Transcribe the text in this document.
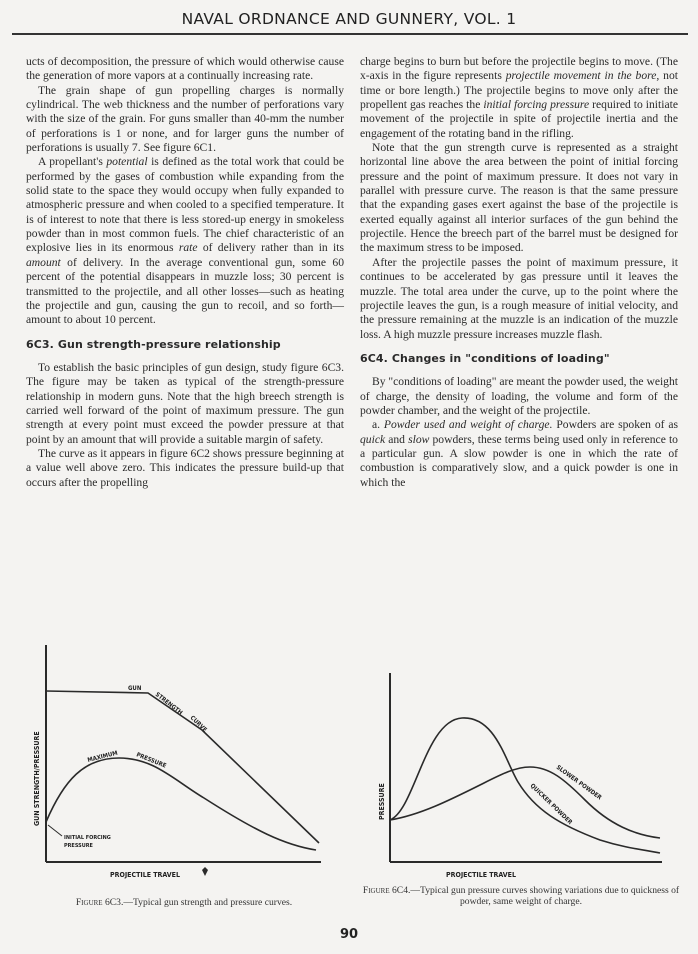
NAVAL ORDNANCE AND GUNNERY, VOL. 1

ucts of decomposition, the pressure of which would otherwise cause the generation of more vapors at a continually increasing rate.

The grain shape of gun propelling charges is normally cylindrical. The web thickness and the number of perforations vary with the size of the grain. For guns smaller than 40-mm the number of perforations is 1 or none, and for larger guns the number of perforations is usually 7. See figure 6C1.

A propellant's potential is defined as the total work that could be performed by the gases of combustion while expanding from the solid state to the space they would occupy when fully expanded to atmospheric pressure and when cooled to a specified temperature. It is of interest to note that there is less stored-up energy in smokeless powder than in most common fuels. The chief characteristic of an explosive lies in its enormous rate of delivery rather than in its amount of delivery. In the average conventional gun, some 60 percent of the potential disappears in muzzle loss; 30 percent is transmitted to the projectile, and all other losses—such as heating the projectile and gun, causing the gun to recoil, and so forth—amount to about 10 percent.

6C3. Gun strength-pressure relationship

To establish the basic principles of gun design, study figure 6C3. The figure may be taken as typical of the strength-pressure relationship in modern guns. Note that the high breech strength is carried well forward of the point of maximum pressure. The gun strength at every point must exceed the powder pressure at that point by an amount that will provide a suitable margin of safety.

The curve as it appears in figure 6C2 shows pressure beginning at a value well above zero. This indicates the pressure build-up that occurs after the propelling

charge begins to burn but before the projectile begins to move. (The x-axis in the figure represents projectile movement in the bore, not time or bore length.) The projectile begins to move only after the propellent gas reaches the initial forcing pressure required to initiate movement of the projectile in spite of projectile inertia and the engagement of the rotating band in the rifling.

Note that the gun strength curve is represented as a straight horizontal line above the area between the point of initial forcing pressure and the point of maximum pressure. It does not vary in parallel with pressure curve. The reason is that the same pressure that the expanding gases exert against the base of the projectile is exerted equally against all interior surfaces of the gun behind the projectile. Hence the breech part of the barrel must be designed for the maximum stress to be imposed.

After the projectile passes the point of maximum pressure, it continues to be accelerated by gas pressure until it leaves the muzzle. The total area under the curve, up to the point where the projectile leaves the gun, is a rough measure of initial velocity, and the pressure remaining at the muzzle is an indication of the muzzle loss. A high muzzle pressure increases muzzle flash.

6C4. Changes in "conditions of loading"

By "conditions of loading" are meant the powder used, the weight of charge, the density of loading, the volume and form of the powder chamber, and the weight of the projectile.

a. Powder used and weight of charge. Powders are spoken of as quick and slow powders, these terms being used only in reference to a particular gun. A slow powder is one in which the rate of combustion is comparatively slow, and a quick powder is one in which the

GUN STRENGTH/PRESSURE
GUN
STRENGTH
CURVE
MAXIMUM	PRESSURE
INITIAL FORCING
PRESSURE
PROJECTILE TRAVEL
Figure 6C3.—Typical gun strength and pressure curves.
PRESSURE
SLOWER POWDER
QUICKER POWDER
PROJECTILE TRAVEL
Figure 6C4.—Typical gun pressure curves showing variations due to quickness of powder, same weight of charge.
90
